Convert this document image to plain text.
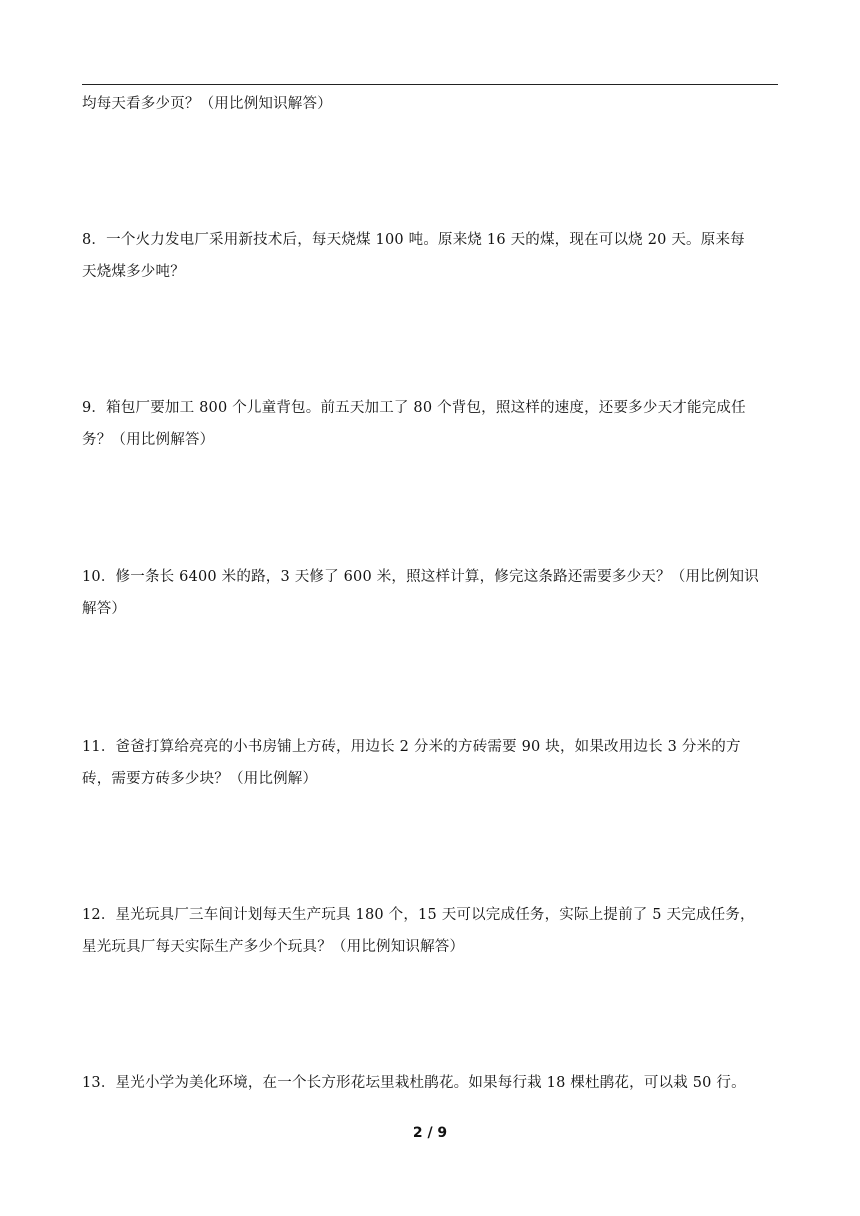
均每天看多少页？（用比例知识解答）
8．一个火力发电厂采用新技术后，每天烧煤 100 吨。原来烧 16 天的煤，现在可以烧 20 天。原来每
天烧煤多少吨？
9．箱包厂要加工 800 个儿童背包。前五天加工了 80 个背包，照这样的速度，还要多少天才能完成任
务？（用比例解答）
10．修一条长 6400 米的路，3 天修了 600 米，照这样计算，修完这条路还需要多少天？（用比例知识
解答）
11．爸爸打算给亮亮的小书房铺上方砖，用边长 2 分米的方砖需要 90 块，如果改用边长 3 分米的方
砖，需要方砖多少块？（用比例解）
12．星光玩具厂三车间计划每天生产玩具 180 个，15 天可以完成任务，实际上提前了 5 天完成任务，
星光玩具厂每天实际生产多少个玩具？（用比例知识解答）
13．星光小学为美化环境，在一个长方形花坛里栽杜鹃花。如果每行栽 18 棵杜鹃花，可以栽 50 行。
2 / 9
